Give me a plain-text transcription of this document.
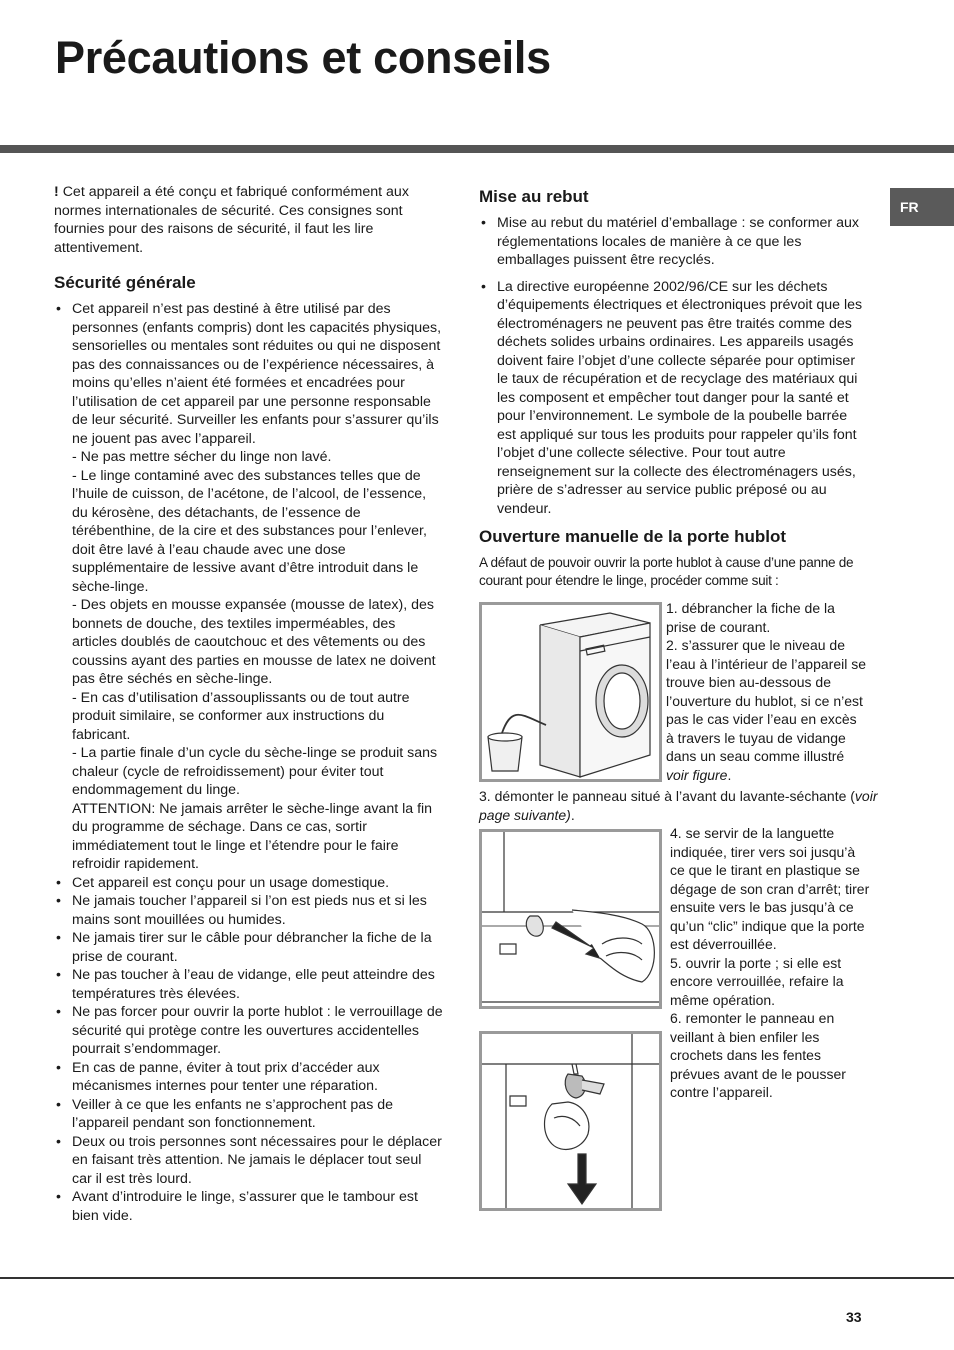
Précautions et conseils
FR

! Cet appareil a été conçu et fabriqué conformément aux normes internationales de sécurité. Ces consignes sont fournies pour des raisons de sécurité, il faut les lire attentivement.

Sécurité générale
• Cet appareil n’est pas destiné à être utilisé par des personnes (enfants compris) dont les capacités physiques, sensorielles ou mentales sont réduites ou qui ne disposent pas des connaissances ou de l’expérience nécessaires, à moins qu’elles n’aient été formées et encadrées pour l’utilisation de cet appareil par une personne responsable de leur sécurité. Surveiller les enfants pour s’assurer qu’ils ne jouent pas avec l’appareil.
- Ne pas mettre sécher du linge non lavé.
- Le linge contaminé avec des substances telles que de l’huile de cuisson, de l’acétone, de l’alcool, de l’essence, du kérosène, des détachants, de l’essence de térébenthine, de la cire et des substances pour l’enlever, doit être lavé à l’eau chaude avec une dose supplémentaire de lessive avant d’être introduit dans le sèche-linge.
- Des objets en mousse expansée (mousse de latex), des bonnets de douche, des textiles imperméables, des articles doublés de caoutchouc et des vêtements ou des coussins ayant des parties en mousse de latex ne doivent pas être séchés en sèche-linge.
- En cas d’utilisation d’assouplissants ou de tout autre produit similaire, se conformer aux instructions du fabricant.
- La partie finale d’un cycle du sèche-linge se produit sans chaleur (cycle de refroidissement) pour éviter tout endommagement du linge.
ATTENTION: Ne jamais arrêter le sèche-linge avant la fin du programme de séchage. Dans ce cas, sortir immédiatement tout le linge et l’étendre pour le faire refroidir rapidement.
• Cet appareil est conçu pour un usage domestique.
• Ne jamais toucher l’appareil si l’on est pieds nus et si les mains sont mouillées ou humides.
• Ne jamais tirer sur le câble pour débrancher la fiche de la prise de courant.
• Ne pas toucher à l’eau de vidange, elle peut atteindre des températures très élevées.
• Ne pas forcer pour ouvrir la porte hublot : le verrouillage de sécurité qui protège contre les ouvertures accidentelles pourrait s’endommager.
• En cas de panne, éviter à tout prix d’accéder aux mécanismes internes pour tenter une réparation.
• Veiller à ce que les enfants ne s’approchent pas de l’appareil pendant son fonctionnement.
• Deux ou trois personnes sont nécessaires pour le déplacer en faisant très attention. Ne jamais le déplacer tout seul car il est très lourd.
• Avant d’introduire le linge, s’assurer que le tambour est bien vide.
Mise au rebut
• Mise au rebut du matériel d’emballage : se conformer aux réglementations locales de manière à ce que les emballages puissent être recyclés.
• La directive européenne 2002/96/CE sur les déchets d’équipements électriques et électroniques prévoit que les électroménagers ne peuvent pas être traités comme des déchets solides urbains ordinaires. Les appareils usagés doivent faire l’objet d’une collecte séparée pour optimiser le taux de récupération et de recyclage des matériaux qui les composent et empêcher tout danger pour la santé et pour l’environnement. Le symbole de la poubelle barrée est appliqué sur tous les produits pour rappeler qu’ils font l’objet d’une collecte sélective. Pour tout autre renseignement sur la collecte des électroménagers usés, prière de s’adresser au service public préposé ou au vendeur.
Ouverture manuelle de la porte hublot

A défaut de pouvoir ouvrir la porte hublot à cause d’une panne de courant pour étendre le linge, procéder comme suit :

1. débrancher la fiche de la prise de courant.
2. s’assurer que le niveau de l’eau à l’intérieur de l’appareil se trouve bien au-dessous de l’ouverture du hublot, si ce n’est pas le cas vider l’eau en excès à travers le tuyau de vidange dans un seau comme illustré voir figure.
3. démonter le panneau situé à l’avant du lavante-séchante (voir page suivante).
4. se servir de la languette indiquée, tirer vers soi jusqu’à ce que le tirant en plastique se dégage de son cran d’arrêt; tirer ensuite vers le bas jusqu’à ce qu’un “clic” indique que la porte est déverrouillée.
5. ouvrir la porte ; si elle est encore verrouillée, refaire la même opération.
6. remonter le panneau en veillant à bien enfiler les crochets dans les fentes prévues avant de le pousser contre l’appareil.
33
